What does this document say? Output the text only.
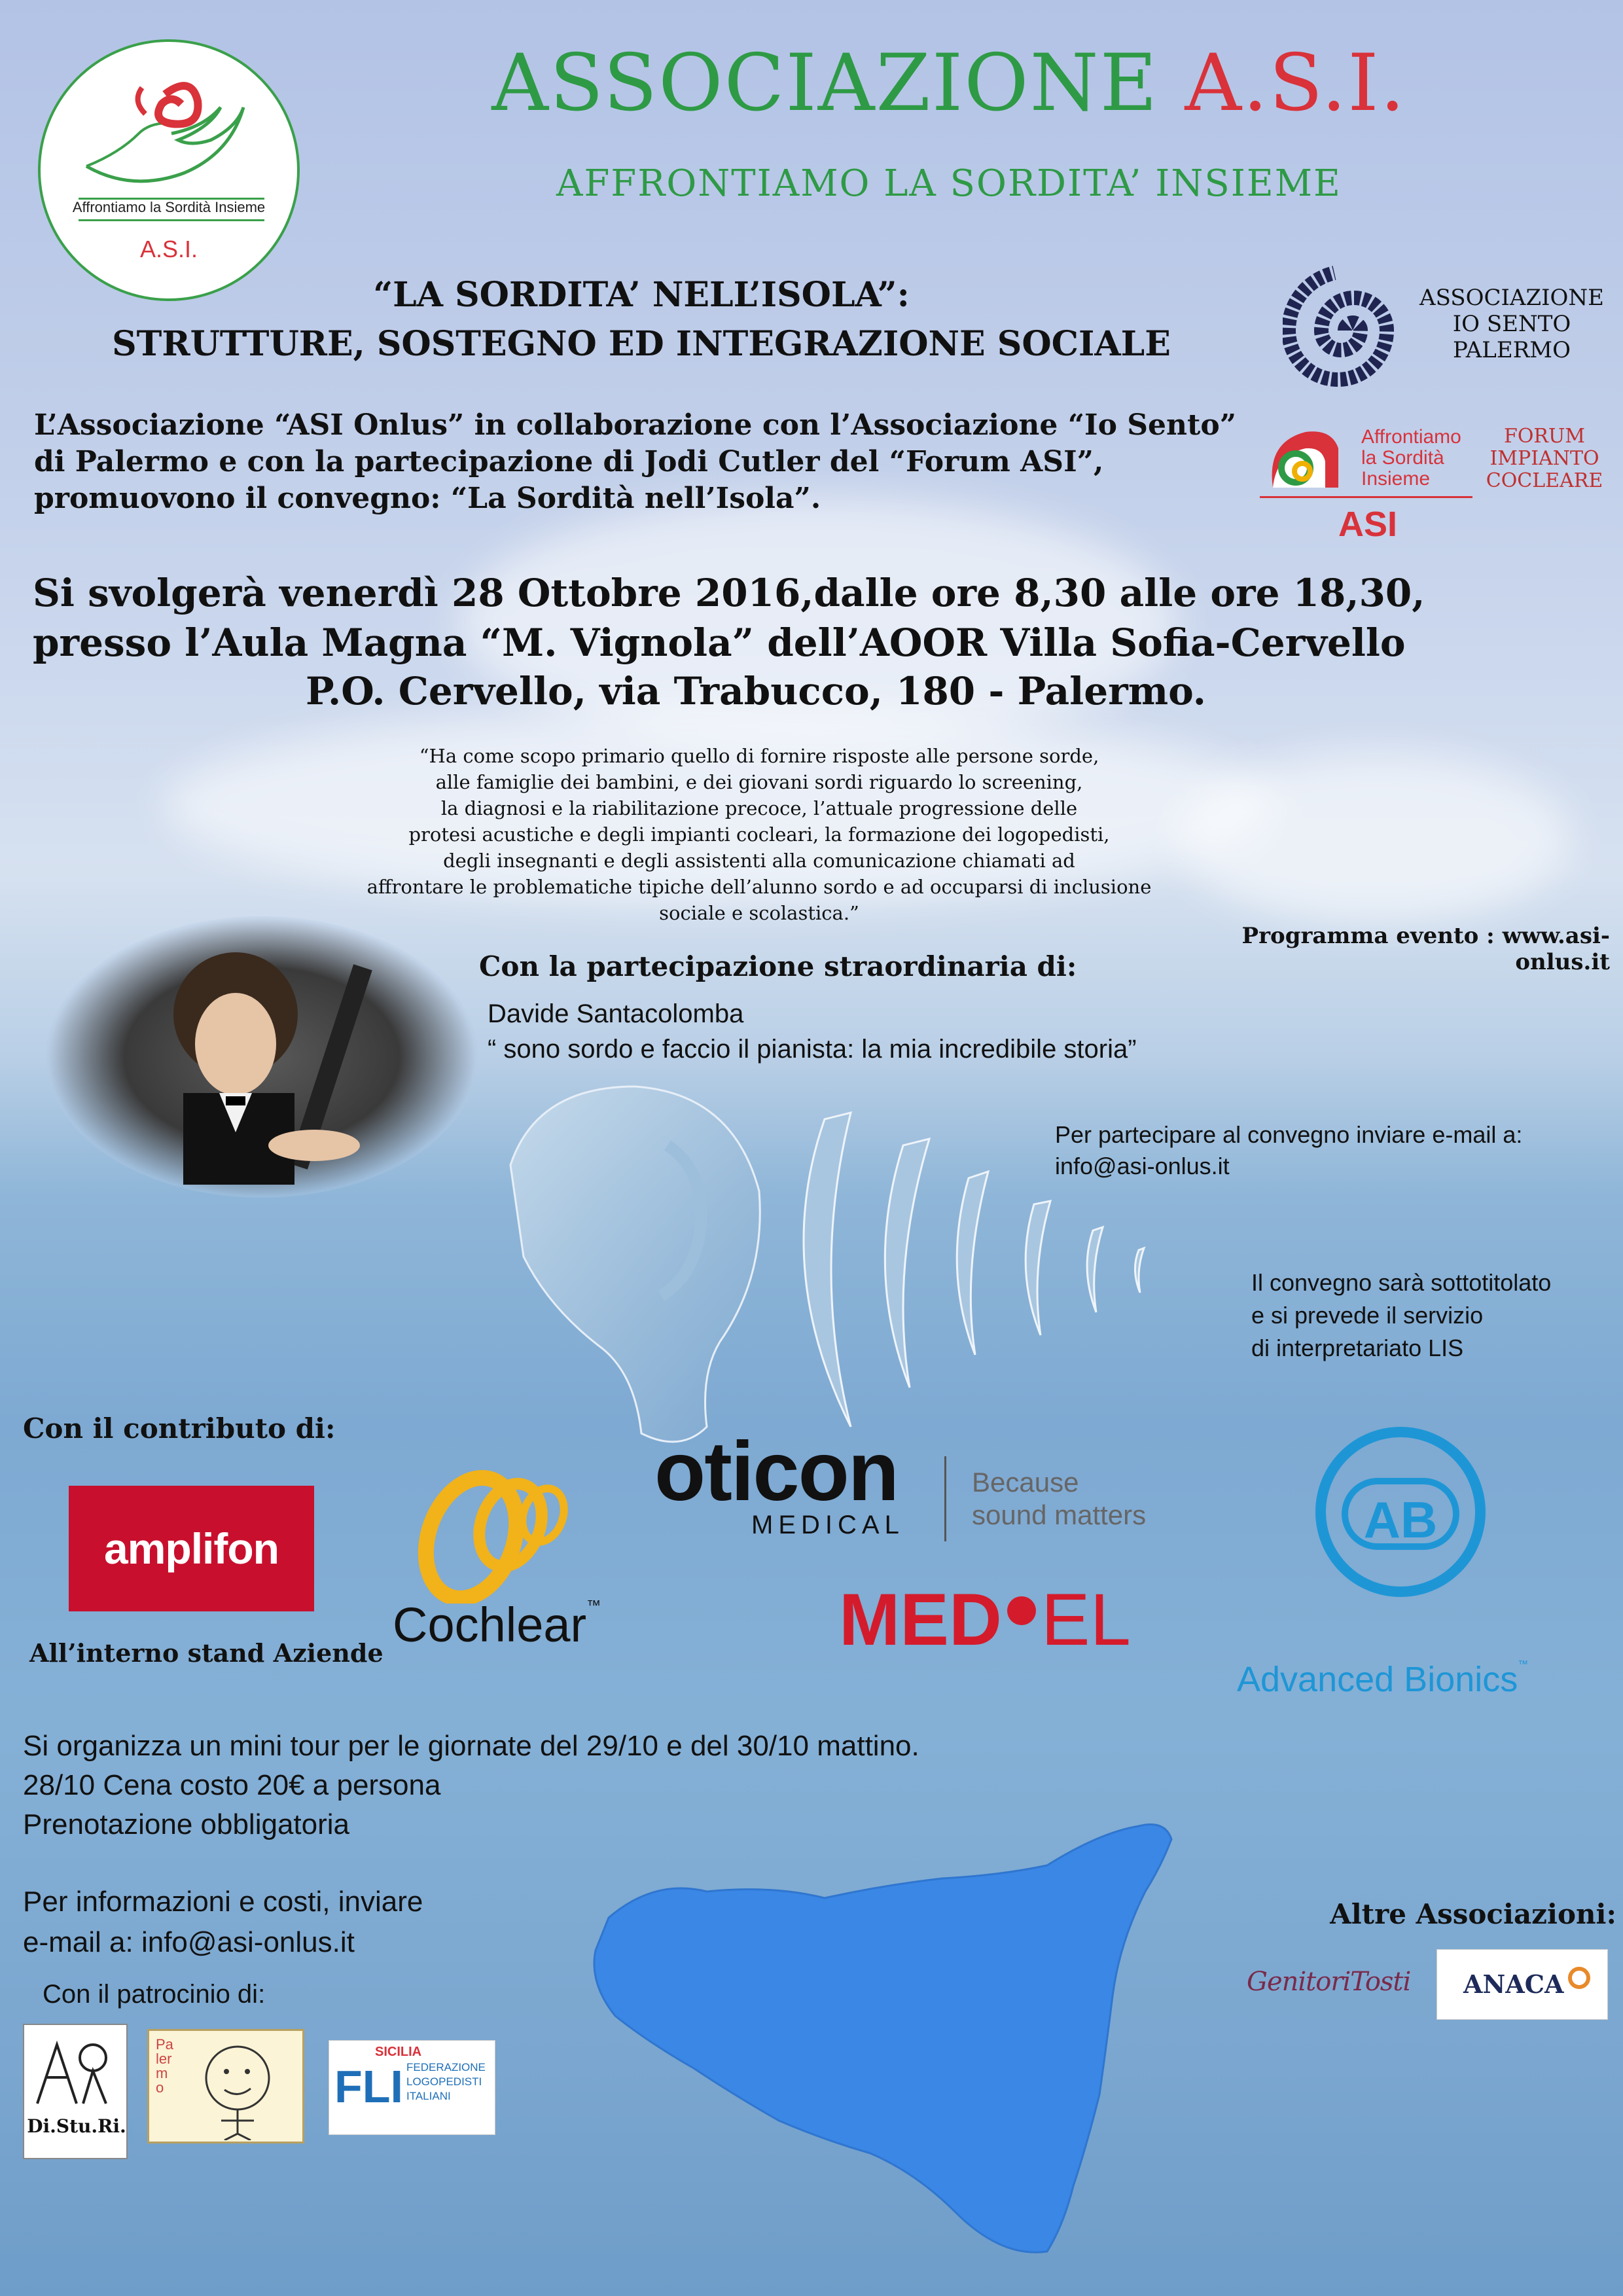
Affrontiamo la Sordità Insieme
A.S.I.
ASSOCIAZIONE A.S.I.
AFFRONTIAMO LA SORDITA’ INSIEME
“LA SORDITA’ NELL’ISOLA”:
STRUTTURE, SOSTEGNO ED INTEGRAZIONE SOCIALE
ASSOCIAZIONE
IO SENTO
PALERMO
Affrontiamo
la Sordità
Insieme
ASI
FORUM
IMPIANTO
COCLEARE
L’Associazione “ASI Onlus” in collaborazione con l’Associazione “Io Sento”
di Palermo e con la partecipazione di Jodi Cutler del “Forum ASI”,
promuovono il convegno: “La Sordità nell’Isola”.
Si svolgerà venerdì 28 Ottobre 2016,dalle ore 8,30 alle ore 18,30,
presso l’Aula Magna “M. Vignola” dell’AOOR Villa Sofia-Cervello
P.O. Cervello, via Trabucco, 180 - Palermo.
“Ha come scopo primario quello di fornire risposte alle persone sorde,
alle famiglie dei bambini, e dei giovani sordi riguardo lo screening,
la diagnosi e la riabilitazione precoce, l’attuale progressione delle
protesi acustiche e degli impianti cocleari, la formazione dei logopedisti,
degli insegnanti e degli assistenti alla comunicazione chiamati ad
affrontare le problematiche tipiche dell’alunno sordo e ad occuparsi di inclusione
sociale e scolastica.”
Programma evento : www.asi-onlus.it
Con la partecipazione straordinaria di:
Davide Santacolomba
“ sono sordo e faccio il pianista: la mia incredibile storia”
Per partecipare al convegno inviare e-mail a:
info@asi-onlus.it
Il convegno sarà sottotitolato
e si prevede il servizio
di interpretariato LIS
Con il contributo di:
amplifon
All’interno stand Aziende
Cochlear™
oticon
MEDICAL
Because
sound matters
MED EL
AB
Advanced Bionics™
Si organizza un mini tour per le giornate del 29/10 e del 30/10 mattino.
28/10 Cena costo 20€ a persona
Prenotazione obbligatoria
Per informazioni e costi, inviare
e-mail a: info@asi-onlus.it
Con il patrocinio di:
Di.Stu.Ri.
Palermo
SICILIA
FLI FEDERAZIONE
LOGOPEDISTI
ITALIANI
Altre Associazioni:
GenitoriTosti ANACA
